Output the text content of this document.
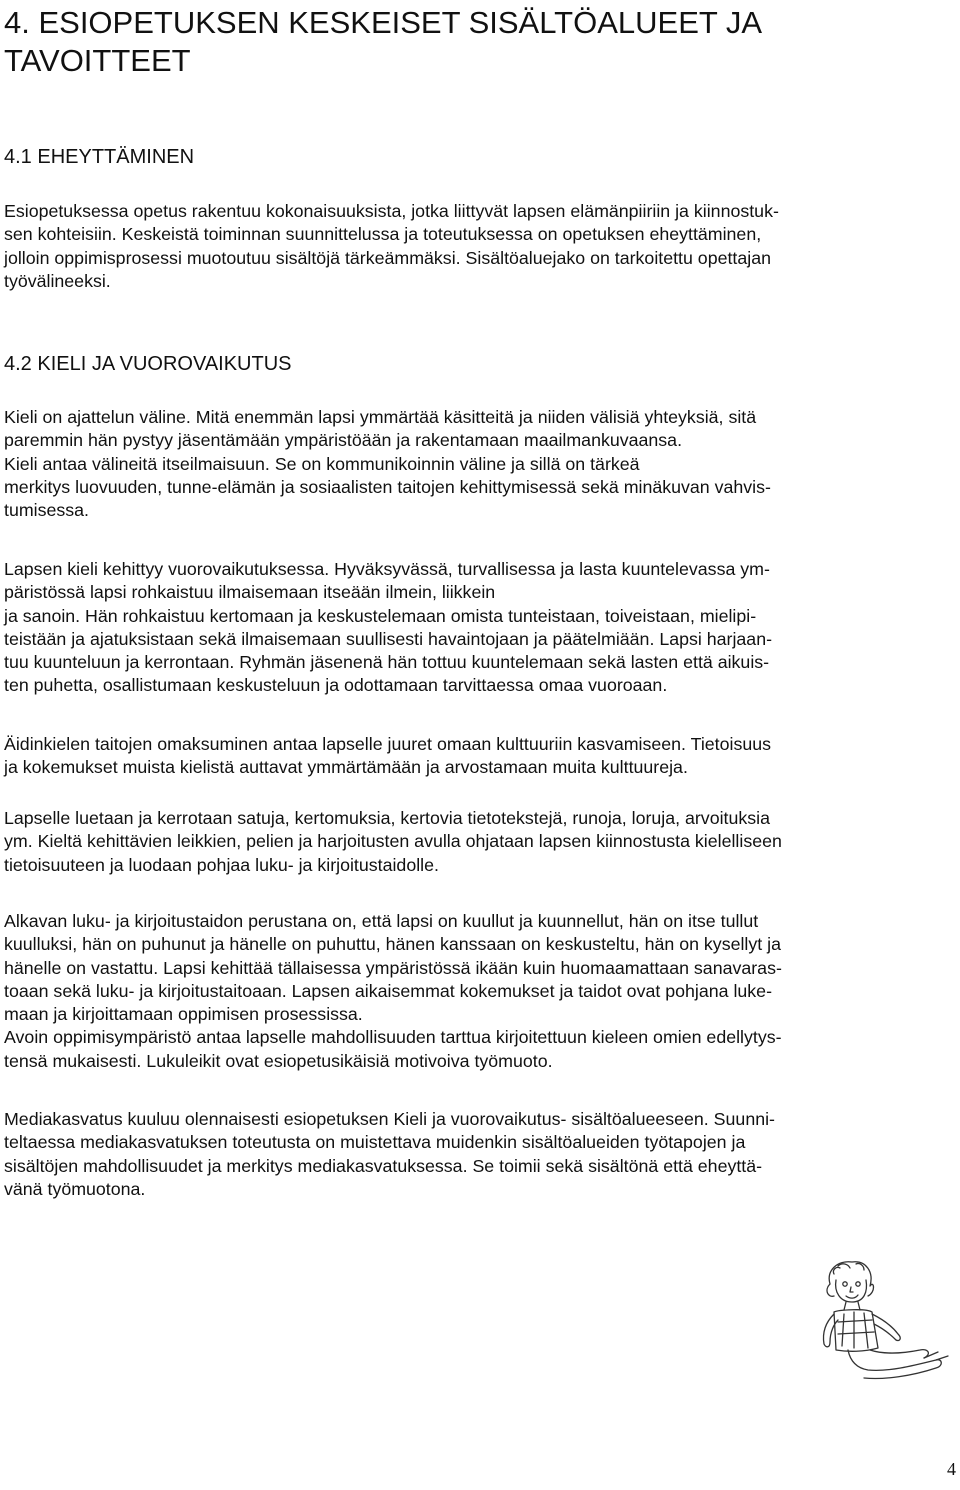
4. ESIOPETUKSEN KESKEISET SISÄLTÖALUEET JA
TAVOITTEET
4.1 EHEYTTÄMINEN
Esiopetuksessa opetus rakentuu kokonaisuuksista, jotka liittyvät lapsen elämänpiiriin ja kiinnostuk-
sen kohteisiin. Keskeistä toiminnan suunnittelussa ja toteutuksessa on opetuksen eheyttäminen,
jolloin oppimisprosessi muotoutuu sisältöjä tärkeämmäksi. Sisältöaluejako on tarkoitettu opettajan
työvälineeksi.
4.2 KIELI JA VUOROVAIKUTUS
Kieli on ajattelun väline. Mitä enemmän lapsi ymmärtää käsitteitä ja niiden välisiä yhteyksiä, sitä
paremmin hän pystyy jäsentämään ympäristöään ja rakentamaan maailmankuvaansa.
Kieli antaa välineitä itseilmaisuun. Se on kommunikoinnin väline ja sillä on tärkeä
merkitys luovuuden, tunne-elämän ja sosiaalisten taitojen kehittymisessä sekä minäkuvan vahvis-
tumisessa.
Lapsen kieli kehittyy vuorovaikutuksessa. Hyväksyvässä, turvallisessa ja lasta kuuntelevassa ym-
päristössä lapsi rohkaistuu ilmaisemaan itseään ilmein, liikkein
ja sanoin. Hän rohkaistuu kertomaan ja keskustelemaan omista tunteistaan, toiveistaan, mielipi-
teistään ja ajatuksistaan sekä ilmaisemaan suullisesti havaintojaan ja päätelmiään. Lapsi harjaan-
tuu kuunteluun ja kerrontaan. Ryhmän jäsenenä hän tottuu kuuntelemaan sekä lasten että aikuis-
ten puhetta, osallistumaan keskusteluun ja odottamaan tarvittaessa omaa vuoroaan.
Äidinkielen taitojen omaksuminen antaa lapselle juuret omaan kulttuuriin kasvamiseen. Tietoisuus
ja kokemukset muista kielistä auttavat ymmärtämään ja arvostamaan muita kulttuureja.
Lapselle luetaan ja kerrotaan satuja, kertomuksia, kertovia tietotekstejä, runoja, loruja, arvoituksia
ym. Kieltä kehittävien leikkien, pelien ja harjoitusten avulla ohjataan lapsen kiinnostusta kielelliseen
tietoisuuteen ja luodaan pohjaa luku- ja kirjoitustaidolle.
Alkavan luku- ja kirjoitustaidon perustana on, että lapsi on kuullut ja kuunnellut, hän on itse tullut
kuulluksi, hän on puhunut ja hänelle on puhuttu, hänen kanssaan on keskusteltu, hän on kysellyt ja
hänelle on vastattu. Lapsi kehittää tällaisessa ympäristössä ikään kuin huomaamattaan sanavaras-
toaan sekä luku- ja kirjoitustaitoaan. Lapsen aikaisemmat kokemukset ja taidot ovat pohjana luke-
maan ja kirjoittamaan oppimisen prosessissa.
Avoin oppimisympäristö antaa lapselle mahdollisuuden tarttua kirjoitettuun kieleen omien edellytys-
tensä mukaisesti. Lukuleikit ovat esiopetusikäisiä motivoiva työmuoto.
Mediakasvatus kuuluu olennaisesti esiopetuksen Kieli ja vuorovaikutus- sisältöalueeseen. Suunni-
teltaessa mediakasvatuksen toteutusta on muistettava muidenkin sisältöalueiden työtapojen ja
sisältöjen mahdollisuudet ja merkitys mediakasvatuksessa. Se toimii sekä sisältönä että eheyttä-
vänä työmuotona.
4
